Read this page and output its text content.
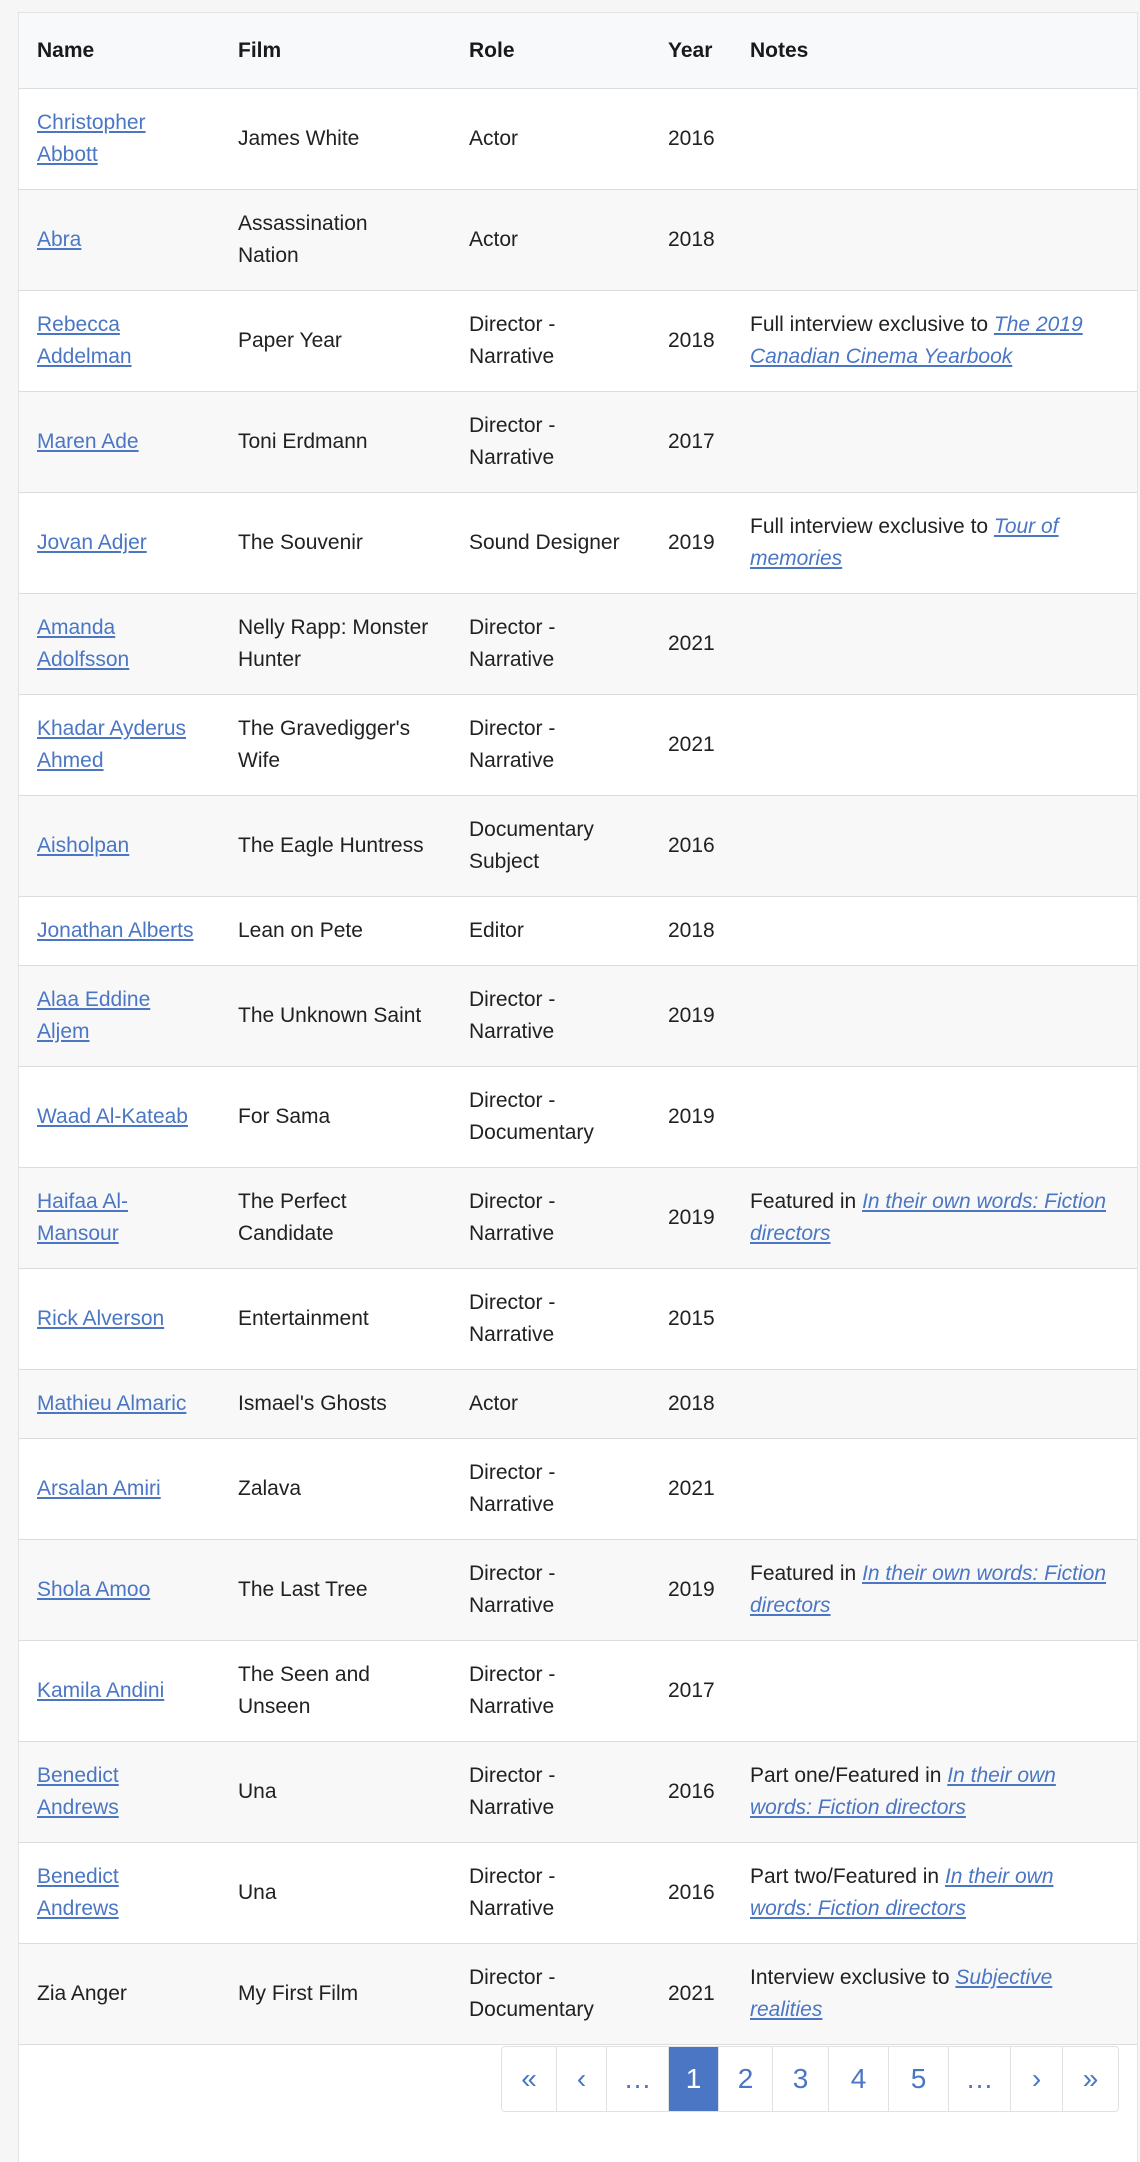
Name	Film	Role	Year	Notes
Christopher Abbott	James White	Actor	2016	
Abra	Assassination Nation	Actor	2018	
Rebecca Addelman	Paper Year	Director - Narrative	2018	Full interview exclusive to The 2019 Canadian Cinema Yearbook
Maren Ade	Toni Erdmann	Director - Narrative	2017	
Jovan Adjer	The Souvenir	Sound Designer	2019	Full interview exclusive to Tour of memories
Amanda Adolfsson	Nelly Rapp: Monster Hunter	Director - Narrative	2021	
Khadar Ayderus Ahmed	The Gravedigger's Wife	Director - Narrative	2021	
Aisholpan	The Eagle Huntress	Documentary Subject	2016	
Jonathan Alberts	Lean on Pete	Editor	2018	
Alaa Eddine Aljem	The Unknown Saint	Director - Narrative	2019	
Waad Al-Kateab	For Sama	Director - Documentary	2019	
Haifaa Al-Mansour	The Perfect Candidate	Director - Narrative	2019	Featured in In their own words: Fiction directors
Rick Alverson	Entertainment	Director - Narrative	2015	
Mathieu Almaric	Ismael's Ghosts	Actor	2018	
Arsalan Amiri	Zalava	Director - Narrative	2021	
Shola Amoo	The Last Tree	Director - Narrative	2019	Featured in In their own words: Fiction directors
Kamila Andini	The Seen and Unseen	Director - Narrative	2017	
Benedict Andrews	Una	Director - Narrative	2016	Part one/Featured in In their own words: Fiction directors
Benedict Andrews	Una	Director - Narrative	2016	Part two/Featured in In their own words: Fiction directors
Zia Anger	My First Film	Director - Documentary	2021	Interview exclusive to Subjective realities
«	‹	…	1	2	3	4	5	…	›	»
